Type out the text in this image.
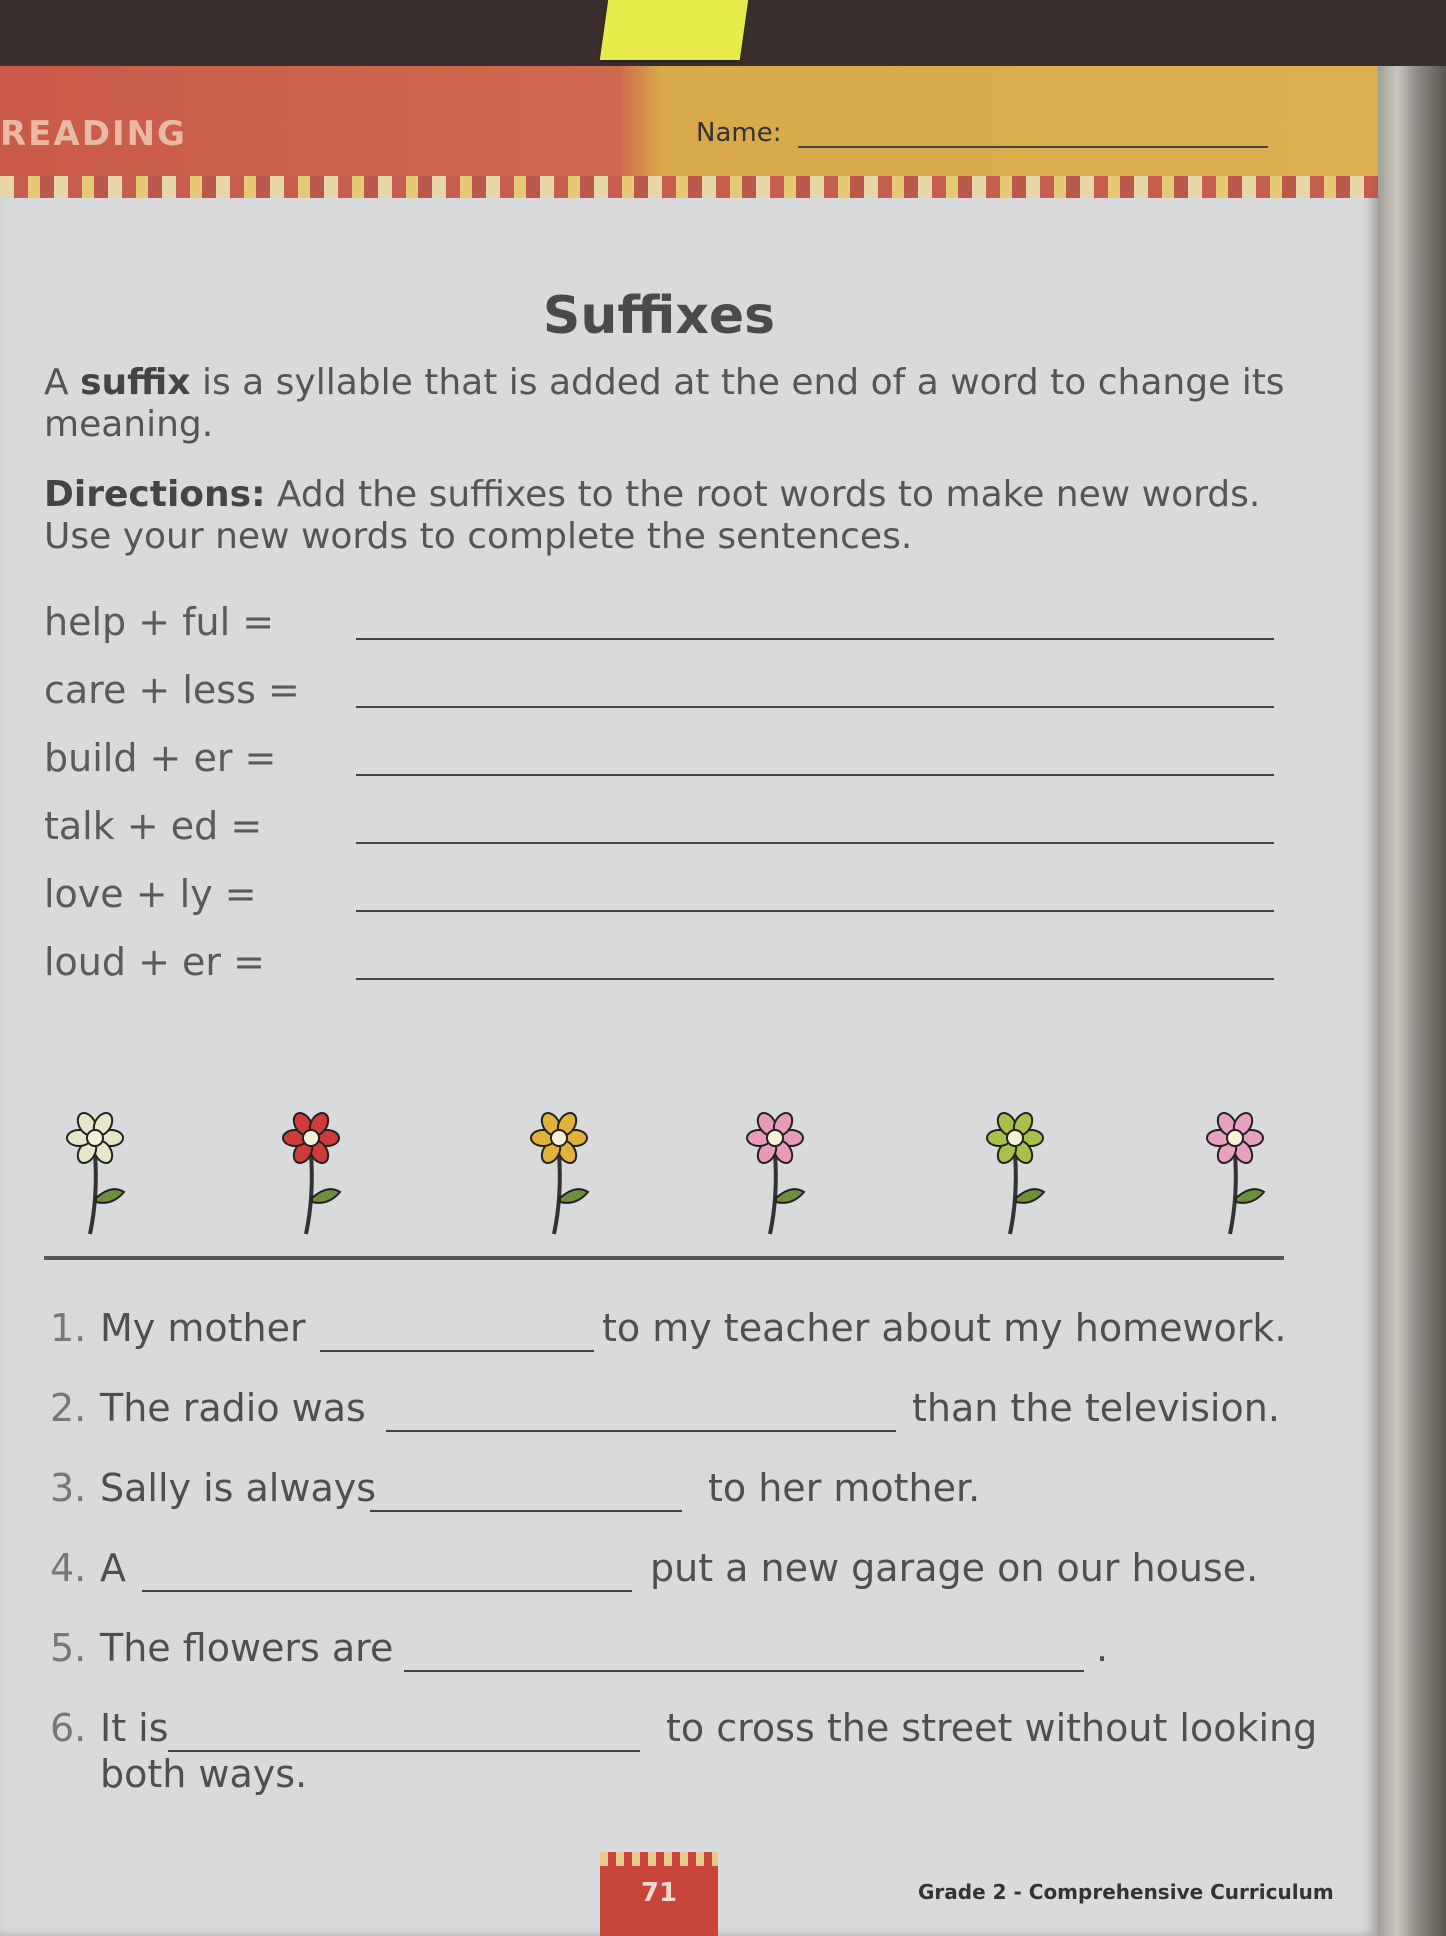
READING	Name:
Suffixes
A suffix is a syllable that is added at the end of a word to change its meaning.
Directions: Add the suffixes to the root words to make new words. Use your new words to complete the sentences.
help + ful =
care + less =
build + er =
talk + ed =
love + ly =
loud + er =
1. My mother	to my teacher about my homework.
2. The radio was	than the television.
3. Sally is always	to her mother.
4. A	put a new garage on our house.
5. The flowers are	.
6. It is	to cross the street without looking
both ways.
71	Grade 2 - Comprehensive Curriculum
